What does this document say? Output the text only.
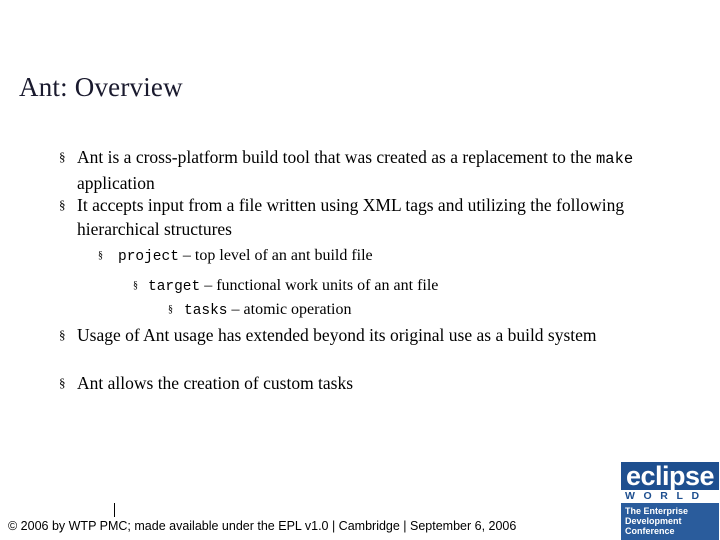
Ant: Overview
§ Ant is a cross-platform build tool that was created as a replacement to the make application
§ It accepts input from a file written using XML tags and utilizing the following hierarchical structures
§	project – top level of an ant build file
§ target – functional work units of an ant file
§ tasks – atomic operation
§ Usage of Ant usage has extended beyond its original use as a build system
§ Ant allows the creation of custom tasks
© 2006 by WTP PMC; made available under the EPL v1.0 | Cambridge | September 6, 2006
eclipse
WORLD
The Enterprise
Development
Conference
